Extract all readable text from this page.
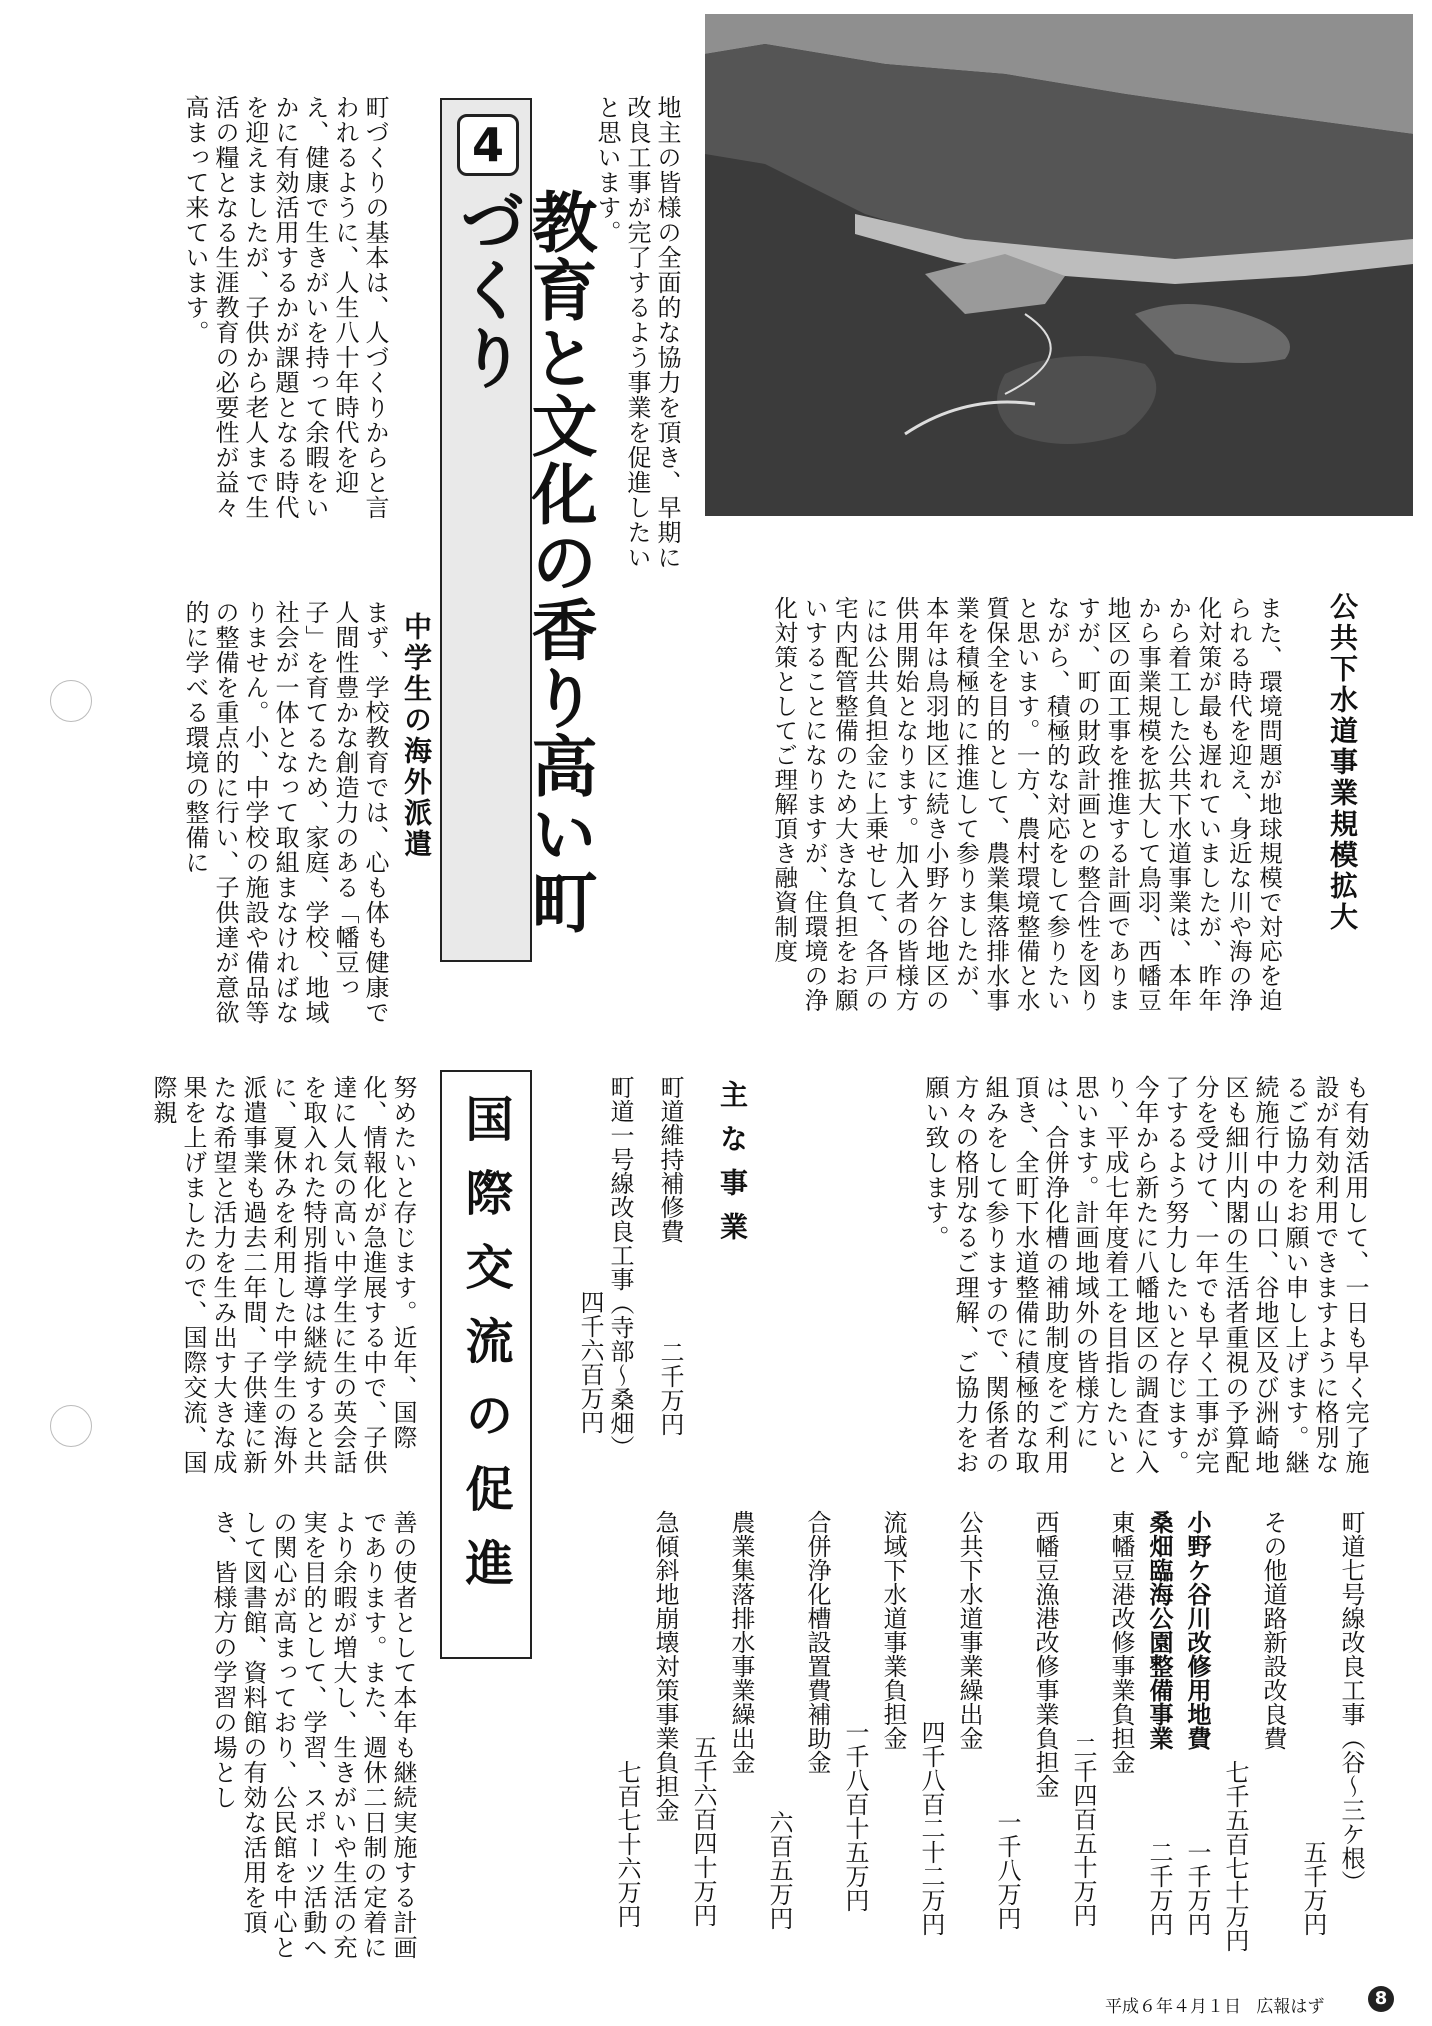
公共下水道事業規模拡大
また、環境問題が地球規模で対応を迫られる時代を迎え、身近な川や海の浄化対策が最も遅れていましたが、昨年から着工した公共下水道事業は、本年から事業規模を拡大して鳥羽、西幡豆地区の面工事を推進する計画でありますが、町の財政計画との整合性を図りながら、積極的な対応をして参りたいと思います。一方、農村環境整備と水質保全を目的として、農業集落排水事業を積極的に推進して参りましたが、本年は鳥羽地区に続き小野ケ谷地区の供用開始となります。加入者の皆様方には公共負担金に上乗せして、各戸の宅内配管整備のため大きな負担をお願いすることになりますが、住環境の浄化対策としてご理解頂き融資制度
地主の皆様の全面的な協力を頂き、早期に改良工事が完了するよう事業を促進したいと思います。
4
教育と文化の香り高い町づくり
町づくりの基本は、人づくりからと言われるように、人生八十年時代を迎え、健康で生きがいを持って余暇をいかに有効活用するかが課題となる時代を迎えましたが、子供から老人まで生活の糧となる生涯教育の必要性が益々高まって来ています。
中学生の海外派遣
まず、学校教育では、心も体も健康で人間性豊かな創造力のある「幡豆っ子」を育てるため、家庭、学校、地域社会が一体となって取組まなければなりません。小、中学校の施設や備品等の整備を重点的に行い、子供達が意欲的に学べる環境の整備に
も有効活用して、一日も早く完了施設が有効利用できますように格別なるご協力をお願い申し上げます。継続施行中の山口、谷地区及び洲崎地区も細川内閣の生活者重視の予算配分を受けて、一年でも早く工事が完了するよう努力したいと存じます。今年から新たに八幡地区の調査に入り、平成七年度着工を目指したいと思います。計画地域外の皆様方には、合併浄化槽の補助制度をご利用頂き、全町下水道整備に積極的な取組みをして参りますので、関係者の方々の格別なるご理解、ご協力をお願い致します。
主な事業
町道維持補修費
二千万円
町道一号線改良工事（寺部～桑畑）
四千六百万円
国際交流の促進
努めたいと存じます。近年、国際化、情報化が急進展する中で、子供達に人気の高い中学生に生の英会話を取入れた特別指導は継続すると共に、夏休みを利用した中学生の海外派遣事業も過去二年間、子供達に新たな希望と活力を生み出す大きな成果を上げましたので、国際交流、国際親
町道七号線改良工事（谷～三ケ根）
五千万円
その他道路新設改良費
七千五百七十万円
小野ケ谷川改修用地費
一千万円
桑畑臨海公園整備事業
二千万円
東幡豆港改修事業負担金
二千四百五十万円
西幡豆漁港改修事業負担金
一千八万円
公共下水道事業繰出金
四千八百二十二万円
流域下水道事業負担金
一千八百十五万円
合併浄化槽設置費補助金
六百五万円
農業集落排水事業繰出金
五千六百四十万円
急傾斜地崩壊対策事業負担金
七百七十六万円
善の使者として本年も継続実施する計画であります。また、週休二日制の定着により余暇が増大し、生きがいや生活の充実を目的として、学習、スポーツ活動への関心が高まっており、公民館を中心として図書館、資料館の有効な活用を頂き、皆様方の学習の場とし
平成６年４月１日 広報はず	8
